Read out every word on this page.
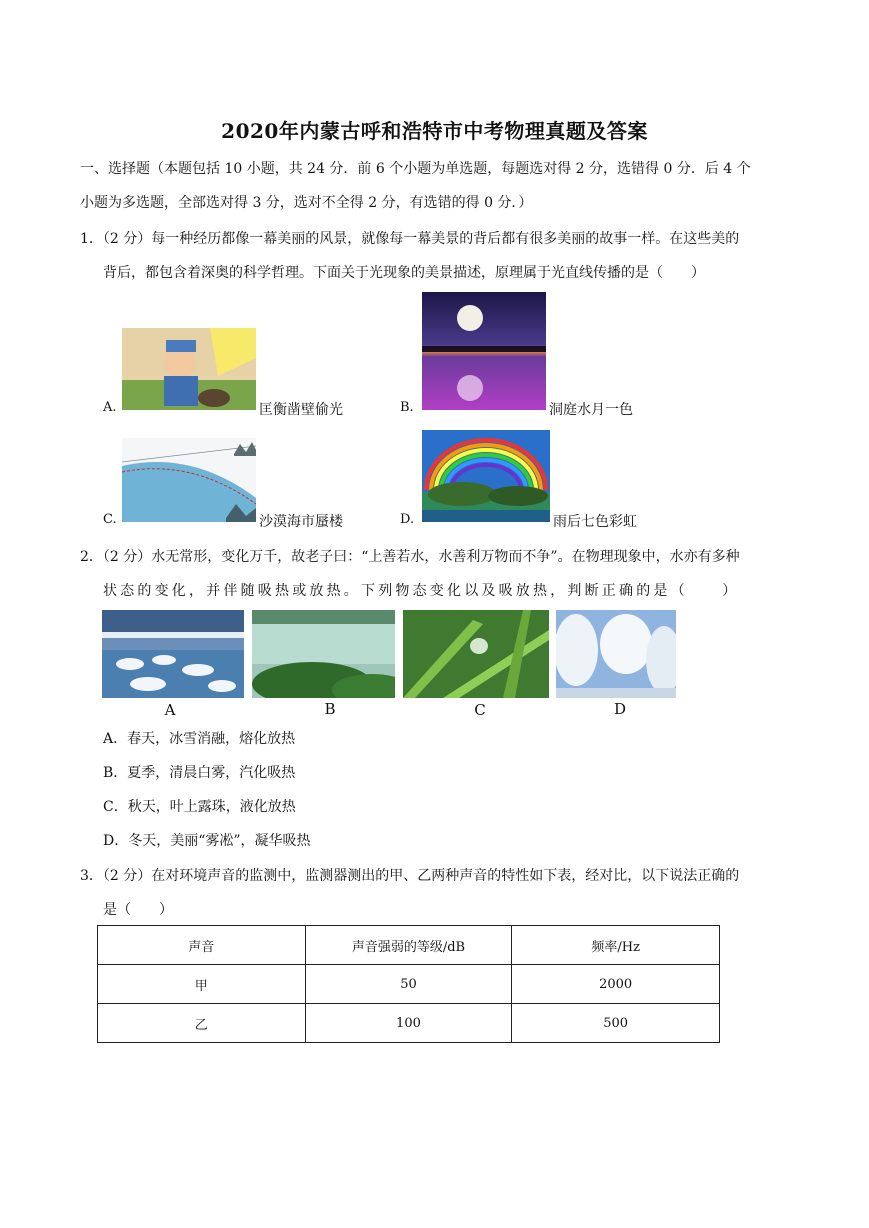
2020年内蒙古呼和浩特市中考物理真题及答案
一、选择题（本题包括 10 小题，共 24 分．前 6 个小题为单选题，每题选对得 2 分，选错得 0 分．后 4 个
小题为多选题，全部选对得 3 分，选对不全得 2 分，有选错的得 0 分．）
1．（2 分）每一种经历都像一幕美丽的风景，就像每一幕美景的背后都有很多美丽的故事一样。在这些美的
背后，都包含着深奥的科学哲理。下面关于光现象的美景描述，原理属于光直线传播的是（　　）
A.	匡衡凿壁偷光	B.	洞庭水月一色
C.	沙漠海市蜃楼	D.	雨后七色彩虹
2．（2 分）水无常形，变化万千，故老子曰：“上善若水，水善利万物而不争”。在物理现象中，水亦有多种
状态的变化，并伴随吸热或放热。下列物态变化以及吸放热，判断正确的是（　　）
A	B	C	D
A．春天，冰雪消融，熔化放热
B．夏季，清晨白雾，汽化吸热
C．秋天，叶上露珠，液化放热
D．冬天，美丽“雾凇”，凝华吸热
3．（2 分）在对环境声音的监测中，监测器测出的甲、乙两种声音的特性如下表，经对比，以下说法正确的
是（　　）
声音	声音强弱的等级/dB	频率/Hz
甲	50	2000
乙	100	500
